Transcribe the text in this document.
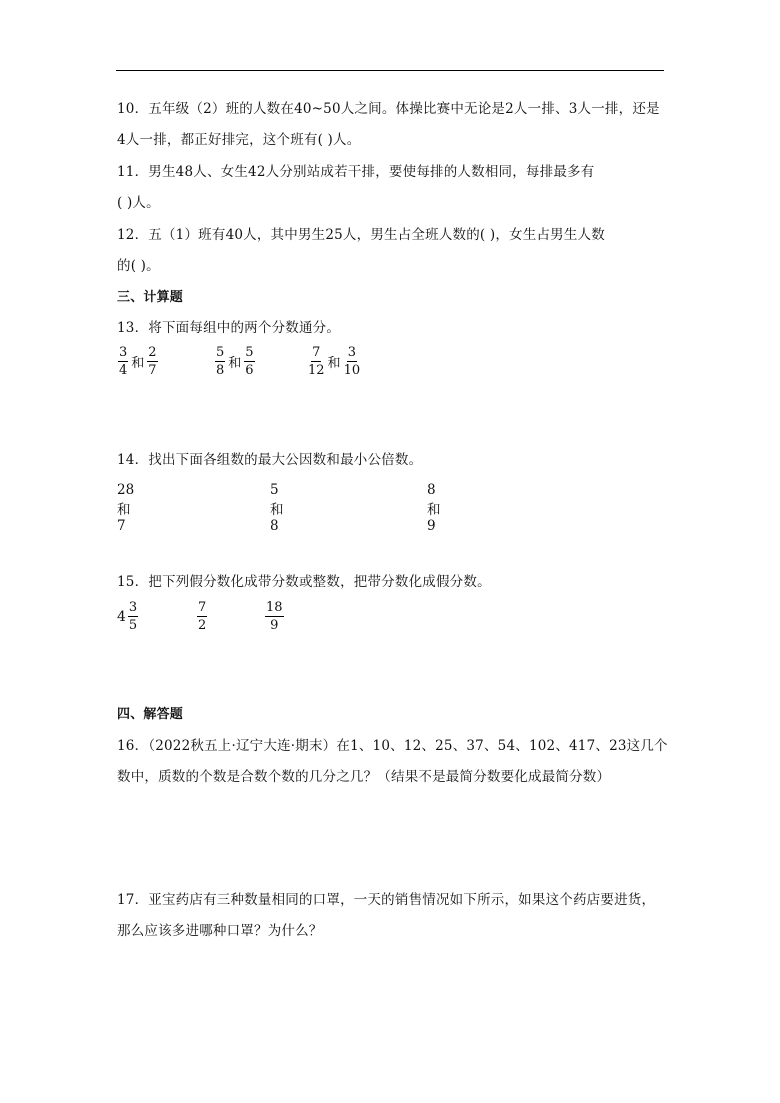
10．五年级（2）班的人数在40~50人之间。体操比赛中无论是2人一排、3人一排，还是
4人一排，都正好排完，这个班有( )人。
11．男生48人、女生42人分别站成若干排，要使每排的人数相同，每排最多有
( )人。
12．五（1）班有40人，其中男生25人，男生占全班人数的( )，女生占男生人数
的( )。
三、计算题
13．将下面每组中的两个分数通分。
$\frac{3}{4}$ 和 $\frac{2}{7}$	$\frac{5}{8}$ 和 $\frac{5}{6}$	$\frac{7}{12}$ 和 $\frac{3}{10}$
14．找出下面各组数的最大公因数和最小公倍数。
28和7
5和8
8和9
15．把下列假分数化成带分数或整数，把带分数化成假分数。
$4 \frac{3}{5}$	$\frac{7}{2}$	$\frac{18}{9}$
四、解答题
16．（2022秋五上·辽宁大连·期末）在1、10、12、25、37、54、102、417、23这几个
数中，质数的个数是合数个数的几分之几？（结果不是最简分数要化成最简分数）
17．亚宝药店有三种数量相同的口罩，一天的销售情况如下所示，如果这个药店要进货，
那么应该多进哪种口罩？为什么？
